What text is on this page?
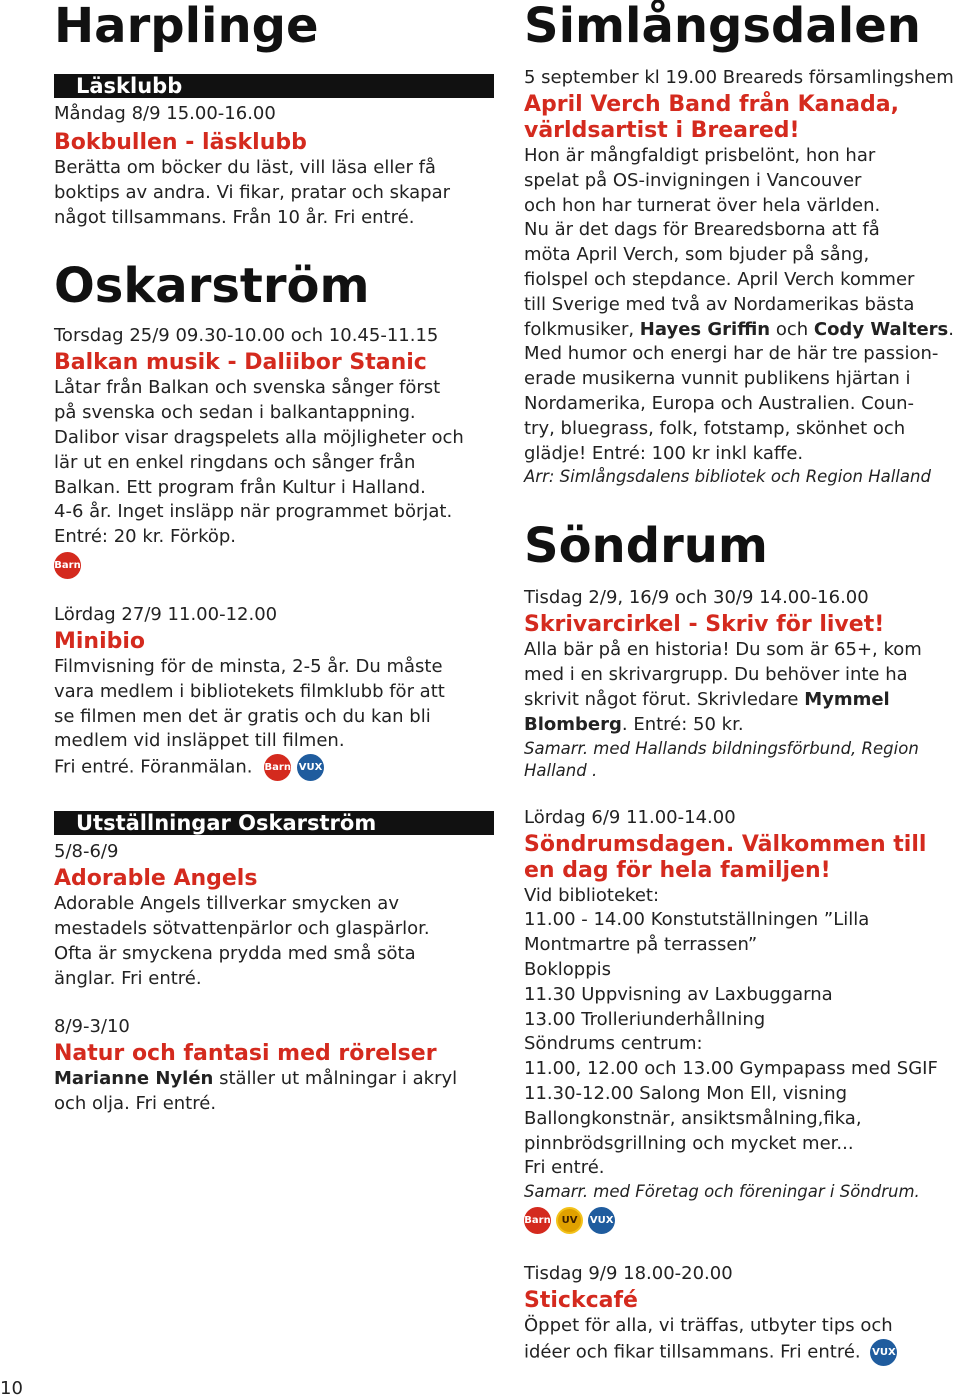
Harplinge
Läsklubb
Måndag 8/9 15.00-16.00
Bokbullen - läsklubb
Berätta om böcker du läst, vill läsa eller få
boktips av andra. Vi fikar, pratar och skapar
något tillsammans. Från 10 år. Fri entré.
Oskarström
Torsdag 25/9 09.30-10.00 och 10.45-11.15
Balkan musik - Daliibor Stanic
Låtar från Balkan och svenska sånger först
på svenska och sedan i balkantappning.
Dalibor visar dragspelets alla möjligheter och
lär ut en enkel ringdans och sånger från
Balkan. Ett program från Kultur i Halland.
4-6 år. Inget insläpp när programmet börjat.
Entré: 20 kr. Förköp.
Barn
Lördag 27/9 11.00-12.00
Minibio
Filmvisning för de minsta, 2-5 år. Du måste
vara medlem i bibliotekets filmklubb för att
se filmen men det är gratis och du kan bli
medlem vid insläppet till filmen.
Fri entré. Föranmälan. Barn VUX
Utställningar Oskarström
5/8-6/9
Adorable Angels
Adorable Angels tillverkar smycken av
mestadels sötvattenpärlor och glaspärlor.
Ofta är smyckena prydda med små söta
änglar. Fri entré.
8/9-3/10
Natur och fantasi med rörelser
Marianne Nylén ställer ut målningar i akryl
och olja. Fri entré.
10
Simlångsdalen
5 september kl 19.00 Breareds församlingshem
April Verch Band från Kanada,
världsartist i Breared!
Hon är mångfaldigt prisbelönt, hon har
spelat på OS-invigningen i Vancouver
och hon har turnerat över hela världen.
Nu är det dags för Brearedsborna att få
möta April Verch, som bjuder på sång,
fiolspel och stepdance. April Verch kommer
till Sverige med två av Nordamerikas bästa
folkmusiker, Hayes Griffin och Cody Walters.
Med humor och energi har de här tre passion-
erade musikerna vunnit publikens hjärtan i
Nordamerika, Europa och Australien. Coun-
try, bluegrass, folk, fotstamp, skönhet och
glädje! Entré: 100 kr inkl kaffe.
Arr: Simlångsdalens bibliotek och Region Halland
Söndrum
Tisdag 2/9, 16/9 och 30/9 14.00-16.00
Skrivarcirkel - Skriv för livet!
Alla bär på en historia! Du som är 65+, kom
med i en skrivargrupp. Du behöver inte ha
skrivit något förut. Skrivledare Mymmel
Blomberg. Entré: 50 kr.
Samarr. med Hallands bildningsförbund, Region
Halland .
Lördag 6/9 11.00-14.00
Söndrumsdagen. Välkommen till
en dag för hela familjen!
Vid biblioteket:
11.00 - 14.00 Konstutställningen ”Lilla
Montmartre på terrassen”
Bokloppis
11.30 Uppvisning av Laxbuggarna
13.00 Trolleriunderhållning
Söndrums centrum:
11.00, 12.00 och 13.00 Gympapass med SGIF
11.30-12.00 Salong Mon Ell, visning
Ballongkonstnär, ansiktsmålning,fika,
pinnbrödsgrillning och mycket mer...
Fri entré.
Samarr. med Företag och föreningar i Söndrum.
Barn UV VUX
Tisdag 9/9 18.00-20.00
Stickcafé
Öppet för alla, vi träffas, utbyter tips och
idéer och fikar tillsammans. Fri entré. VUX
